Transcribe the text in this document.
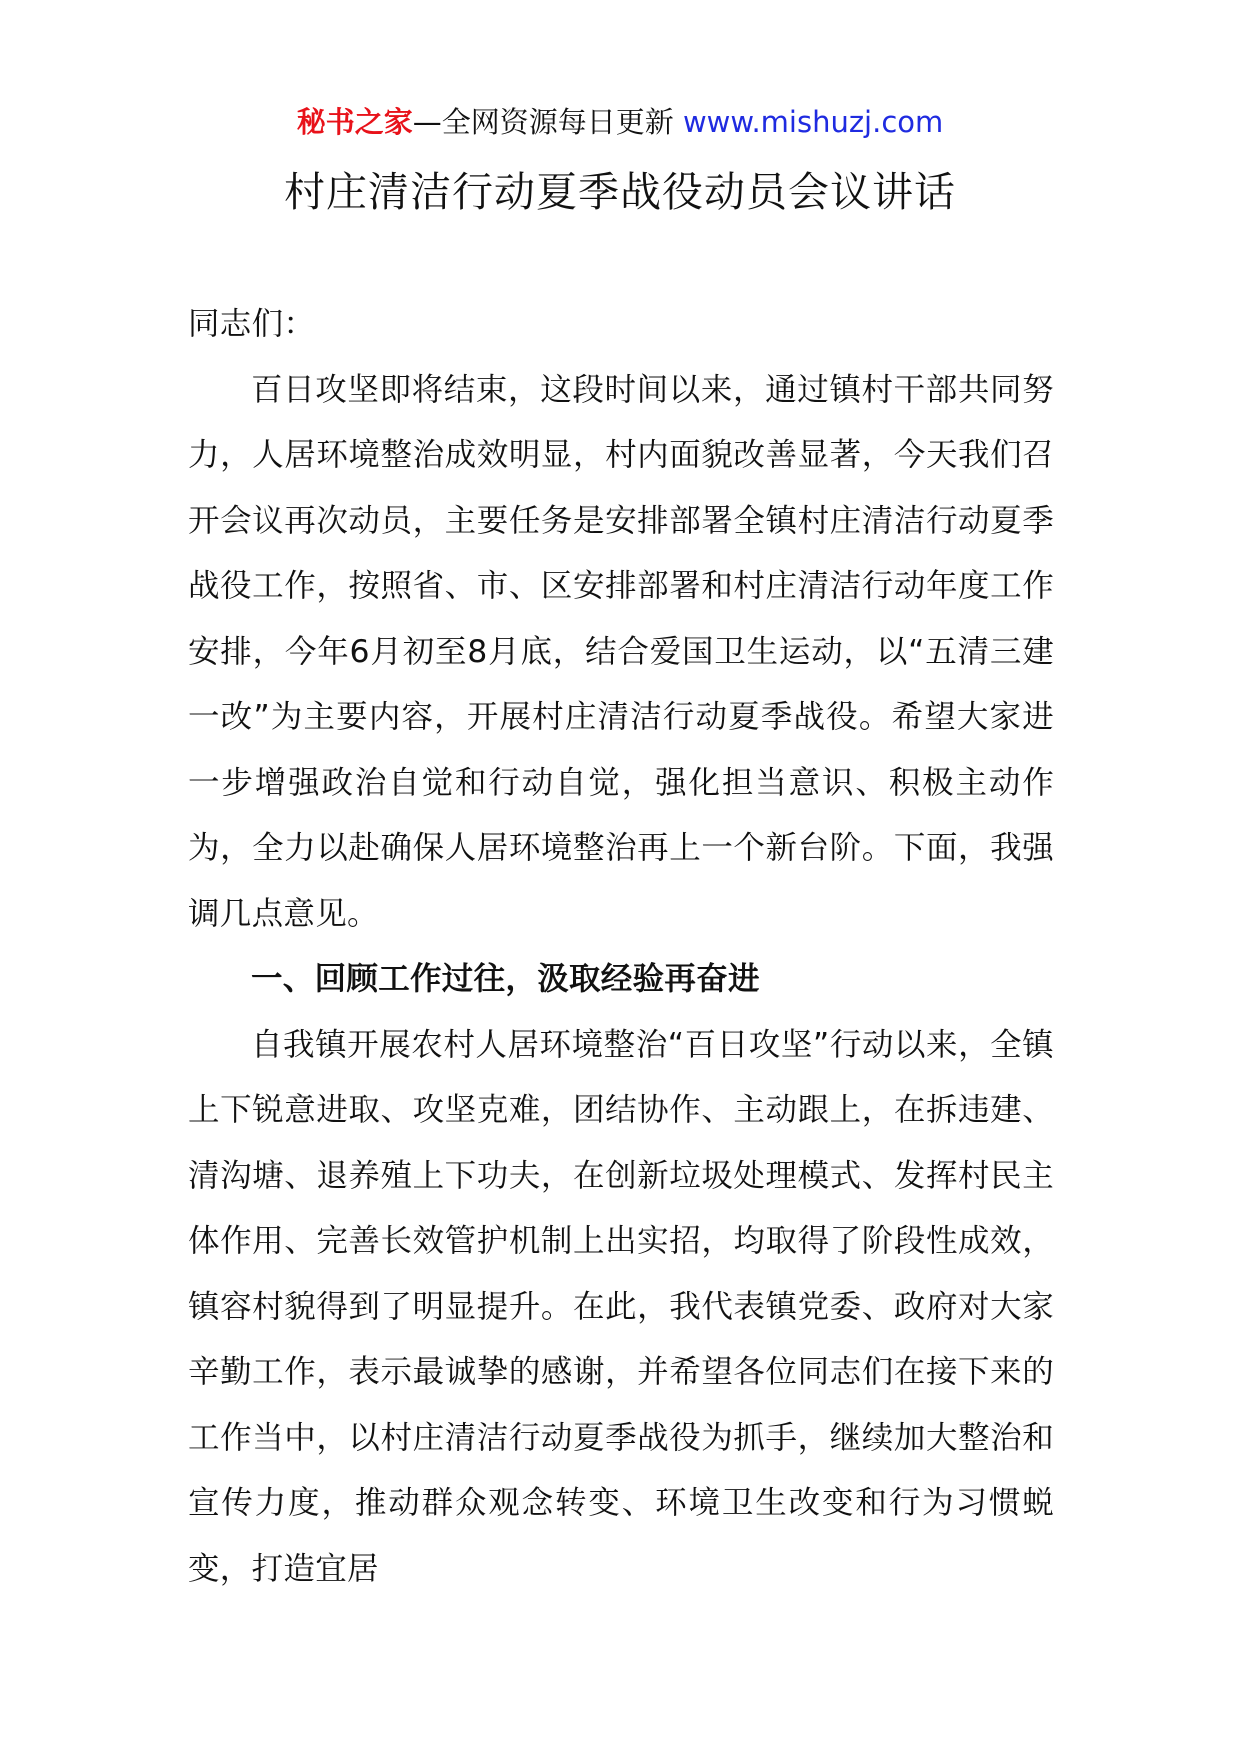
秘书之家—全网资源每日更新 www.mishuzj.com
村庄清洁行动夏季战役动员会议讲话

同志们：

百日攻坚即将结束，这段时间以来，通过镇村干部共同努力，人居环境整治成效明显，村内面貌改善显著，今天我们召开会议再次动员，主要任务是安排部署全镇村庄清洁行动夏季战役工作，按照省、市、区安排部署和村庄清洁行动年度工作安排，今年6月初至8月底，结合爱国卫生运动，以“五清三建一改”为主要内容，开展村庄清洁行动夏季战役。希望大家进一步增强政治自觉和行动自觉，强化担当意识、积极主动作为，全力以赴确保人居环境整治再上一个新台阶。下面，我强调几点意见。

一、回顾工作过往，汲取经验再奋进

自我镇开展农村人居环境整治“百日攻坚”行动以来，全镇上下锐意进取、攻坚克难，团结协作、主动跟上，在拆违建、清沟塘、退养殖上下功夫，在创新垃圾处理模式、发挥村民主体作用、完善长效管护机制上出实招，均取得了阶段性成效，镇容村貌得到了明显提升。在此，我代表镇党委、政府对大家辛勤工作，表示最诚挚的感谢，并希望各位同志们在接下来的工作当中，以村庄清洁行动夏季战役为抓手，继续加大整治和宣传力度，推动群众观念转变、环境卫生改变和行为习惯蜕变，打造宜居
